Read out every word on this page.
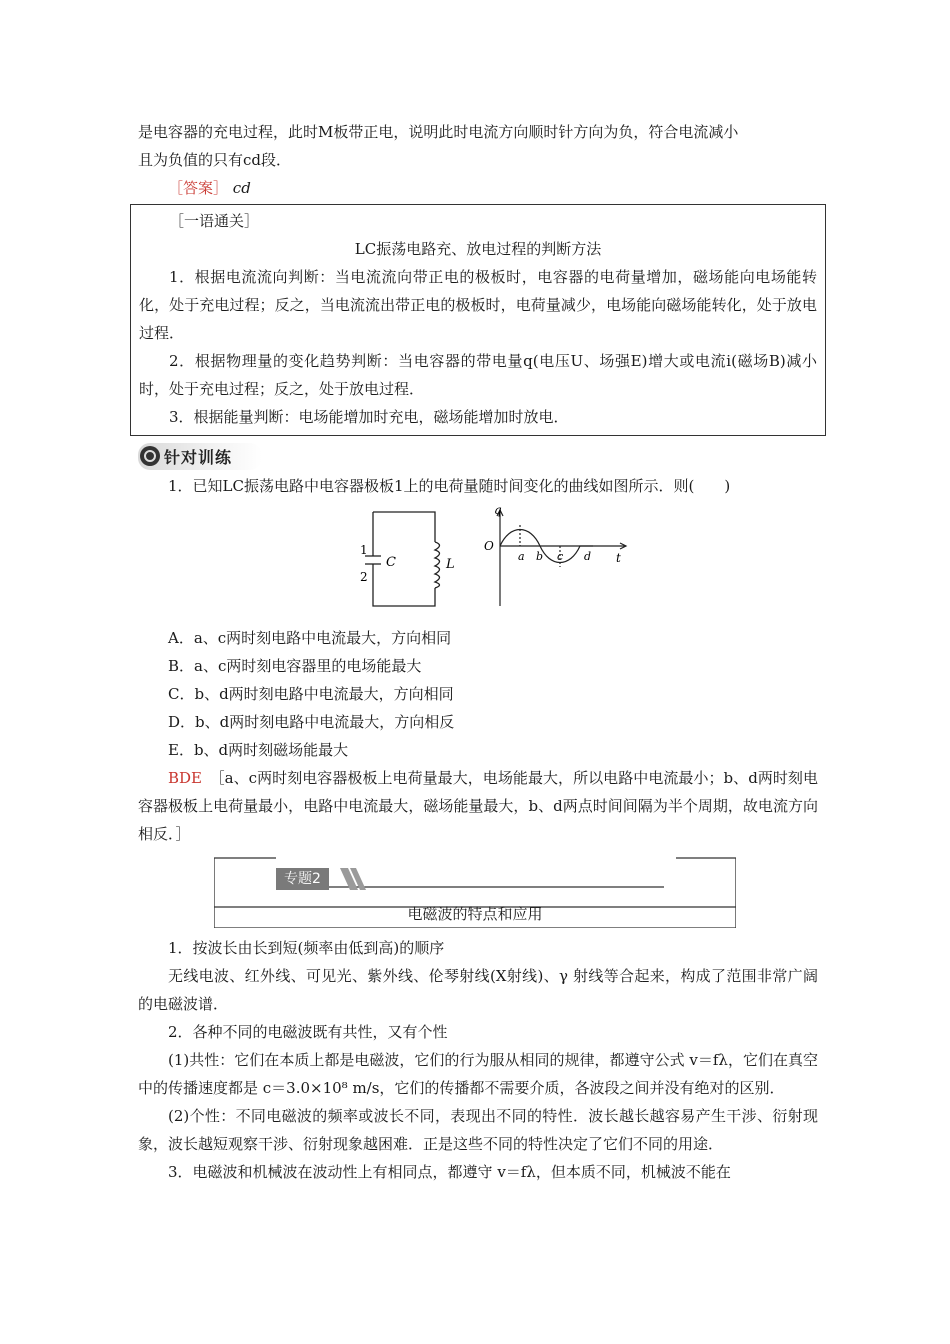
是电容器的充电过程，此时M板带正电，说明此时电流方向顺时针方向为负，符合电流减小

且为负值的只有cd段．

［答案］ cd

［一语通关］

LC振荡电路充、放电过程的判断方法

1．根据电流流向判断：当电流流向带正电的极板时，电容器的电荷量增加，磁场能向电场能转化，处于充电过程；反之，当电流流出带正电的极板时，电荷量减少，电场能向磁场能转化，处于放电过程．

2．根据物理量的变化趋势判断：当电容器的带电量q(电压U、场强E)增大或电流i(磁场B)减小时，处于充电过程；反之，处于放电过程．

3．根据能量判断：电场能增加时充电，磁场能增加时放电．

针对训练

1．已知LC振荡电路中电容器极板1上的电荷量随时间变化的曲线如图所示．则(　　)

1
2
C	L
q
O
t
a b c d

A．a、c两时刻电路中电流最大，方向相同

B．a、c两时刻电容器里的电场能最大

C．b、d两时刻电路中电流最大，方向相同

D．b、d两时刻电路中电流最大，方向相反

E．b、d两时刻磁场能最大

BDE　 ［a、c两时刻电容器极板上电荷量最大，电场能最大，所以电路中电流最小；b、d两时刻电容器极板上电荷量最小，电路中电流最大，磁场能量最大，b、d两点时间间隔为半个周期，故电流方向相反．］

专题2
电磁波的特点和应用

1．按波长由长到短(频率由低到高)的顺序

无线电波、红外线、可见光、紫外线、伦琴射线(X射线)、γ 射线等合起来，构成了范围非常广阔的电磁波谱．

2．各种不同的电磁波既有共性，又有个性

(1)共性：它们在本质上都是电磁波，它们的行为服从相同的规律，都遵守公式 v＝fλ，它们在真空中的传播速度都是 c＝3.0×10⁸ m/s，它们的传播都不需要介质，各波段之间并没有绝对的区别．

(2)个性：不同电磁波的频率或波长不同，表现出不同的特性．波长越长越容易产生干涉、衍射现象，波长越短观察干涉、衍射现象越困难．正是这些不同的特性决定了它们不同的用途．

3．电磁波和机械波在波动性上有相同点，都遵守 v＝fλ，但本质不同，机械波不能在
